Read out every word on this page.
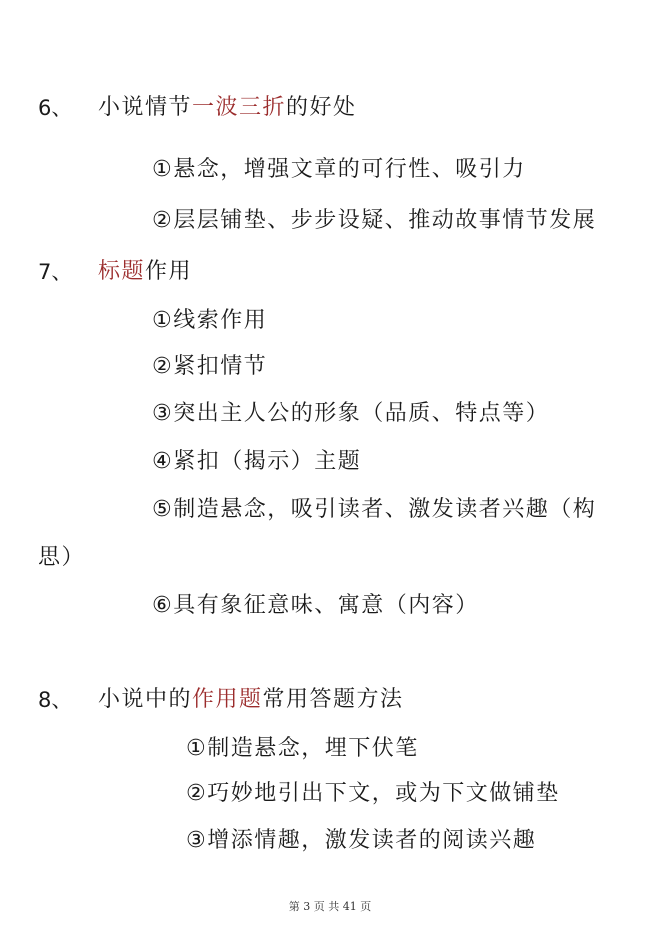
6、 小说情节一波三折的好处
①悬念，增强文章的可行性、吸引力
②层层铺垫、步步设疑、推动故事情节发展
7、 标题作用
①线索作用
②紧扣情节
③突出主人公的形象（品质、特点等）
④紧扣（揭示）主题
⑤制造悬念，吸引读者、激发读者兴趣（构
思）
⑥具有象征意味、寓意（内容）
8、 小说中的作用题常用答题方法
①制造悬念，埋下伏笔
②巧妙地引出下文，或为下文做铺垫
③增添情趣，激发读者的阅读兴趣
第 3 页 共 41 页
